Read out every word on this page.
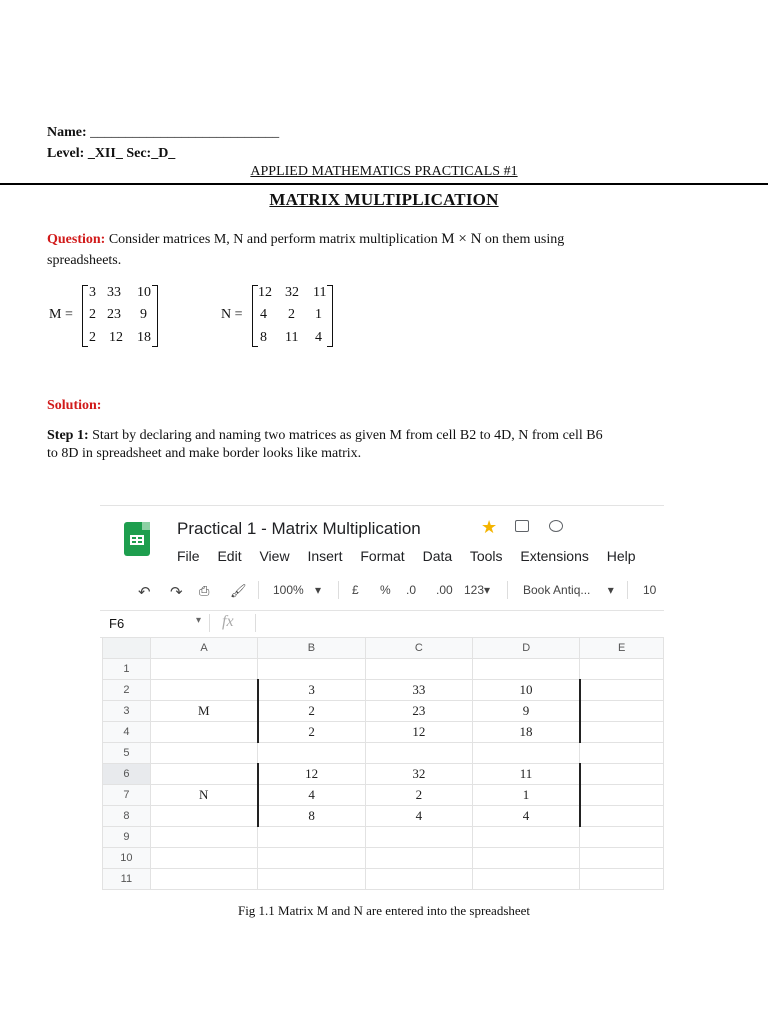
Name: ___________________________
Level: _XII_ Sec:_D_
APPLIED MATHEMATICS PRACTICALS #1
MATRIX MULTIPLICATION
Question: Consider matrices M, N and perform matrix multiplication M × N on them using
spreadsheets.
M =
3 33 10
2 23 9
2 12 18
N =
12 32 11
4 2 1
8 11 4
Solution:
Step 1: Start by declaring and naming two matrices as given M from cell B2 to 4D, N from cell B6
to 8D in spreadsheet and make border looks like matrix.
Practical 1 - Matrix Multiplication	★
File Edit View Insert Format Data Tools Extensions Help
↶ ↷ ⎙ 🖌 100% ▾	£ % .0 .00 123▾	Book Antiq... ▾ 10
F6	▾ fx
	A	B	C	D	E
1					
2		3	33	10	
3	M	2	23	9	
4		2	12	18	
5					
6		12	32	11	
7	N	4	2	1	
8		8	4	4	
9					
10					
11					
Fig 1.1 Matrix M and N are entered into the spreadsheet
